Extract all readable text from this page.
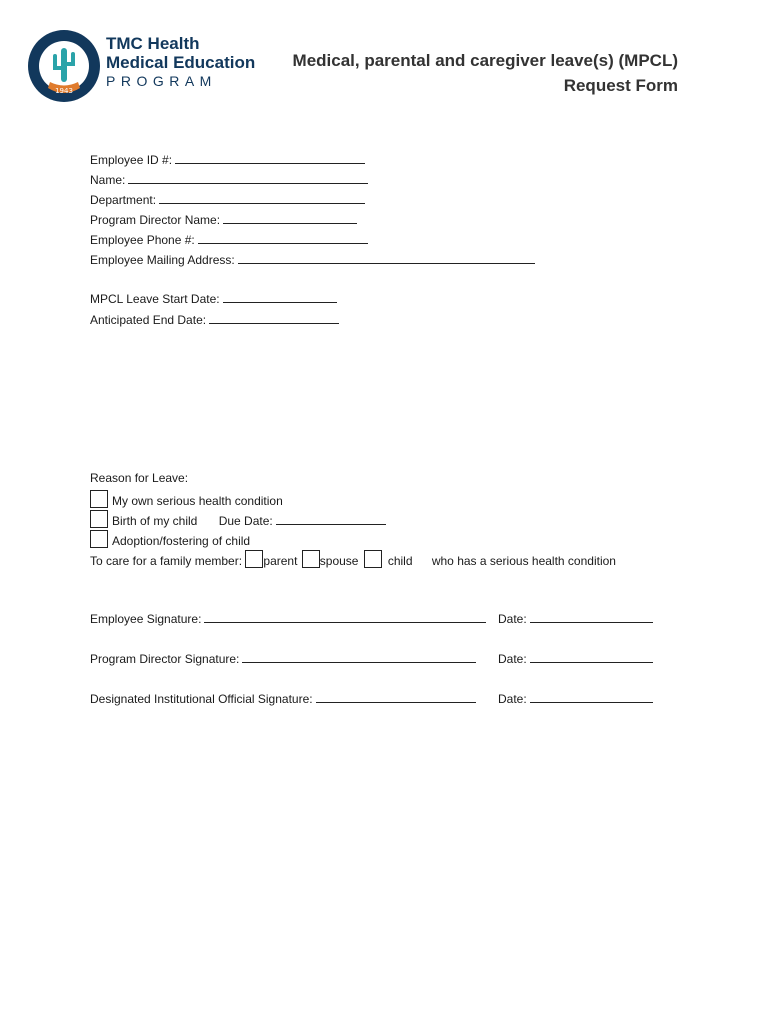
1943
TMC Health
Medical Education
PROGRAM
Medical, parental and caregiver leave(s) (MPCL)
Request Form
Employee ID #:
Name:
Department:
Program Director Name:
Employee Phone #:
Employee Mailing Address:
MPCL Leave Start Date:
Anticipated End Date:
Reason for Leave:
My own serious health condition
Birth of my child Due Date:
Adoption/fostering of child
To care for a family member: parent spouse child who has a serious health condition
Employee Signature:	Date:
Program Director Signature:	Date:
Designated Institutional Official Signature:	Date:
